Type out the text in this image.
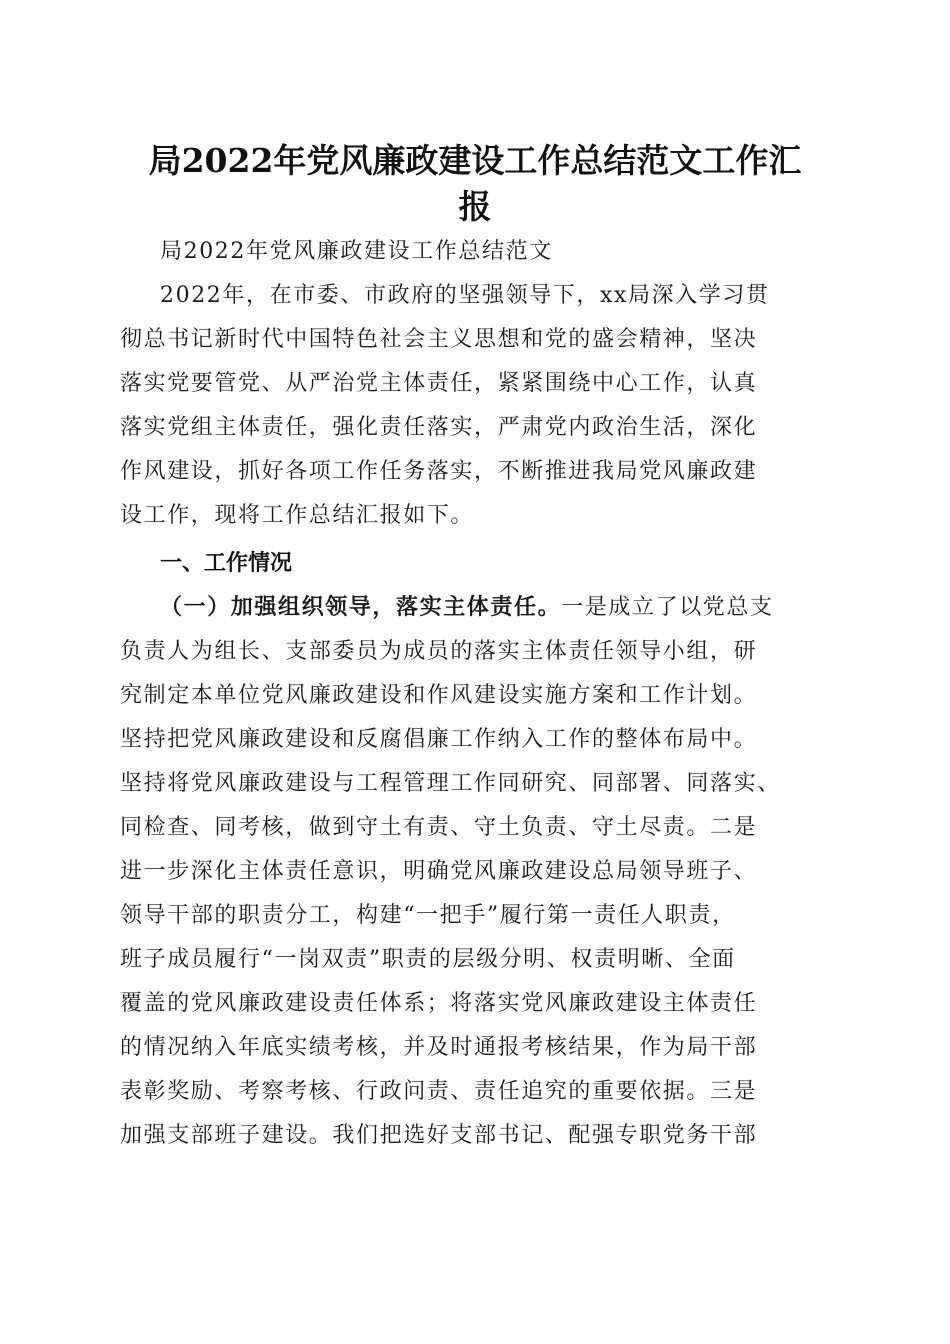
局2022年党风廉政建设工作总结范文工作汇
报
局2022年党风廉政建设工作总结范文
2022年，在市委、市政府的坚强领导下，xx局深入学习贯
彻总书记新时代中国特色社会主义思想和党的盛会精神，坚决
落实党要管党、从严治党主体责任，紧紧围绕中心工作，认真
落实党组主体责任，强化责任落实，严肃党内政治生活，深化
作风建设，抓好各项工作任务落实，不断推进我局党风廉政建
设工作，现将工作总结汇报如下。
一、工作情况
（一）加强组织领导，落实主体责任。一是成立了以党总支
负责人为组长、支部委员为成员的落实主体责任领导小组，研
究制定本单位党风廉政建设和作风建设实施方案和工作计划。
坚持把党风廉政建设和反腐倡廉工作纳入工作的整体布局中。
坚持将党风廉政建设与工程管理工作同研究、同部署、同落实、
同检查、同考核，做到守土有责、守土负责、守土尽责。二是
进一步深化主体责任意识，明确党风廉政建设总局领导班子、
领导干部的职责分工，构建“一把手”履行第一责任人职责，
班子成员履行“一岗双责”职责的层级分明、权责明晰、全面
覆盖的党风廉政建设责任体系；将落实党风廉政建设主体责任
的情况纳入年底实绩考核，并及时通报考核结果，作为局干部
表彰奖励、考察考核、行政问责、责任追究的重要依据。三是
加强支部班子建设。我们把选好支部书记、配强专职党务干部
